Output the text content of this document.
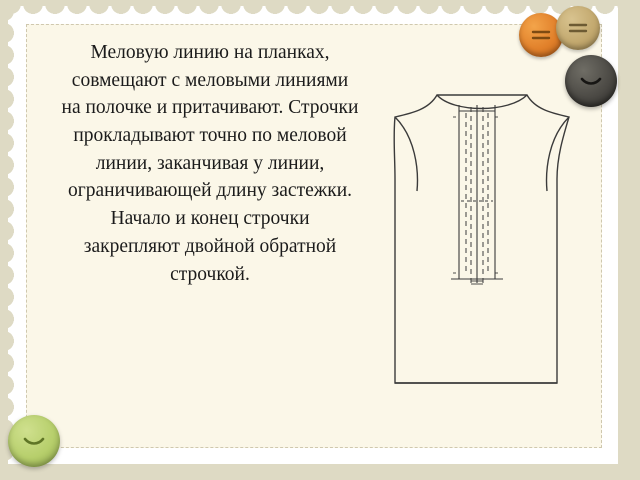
Меловую линию на планках, совмещают с меловыми линиями на полочке и притачивают. Строчки прокладывают точно по меловой линии, заканчивая у линии, ограничивающей длину застежки. Начало и конец строчки закрепляют двойной обратной строчкой.
